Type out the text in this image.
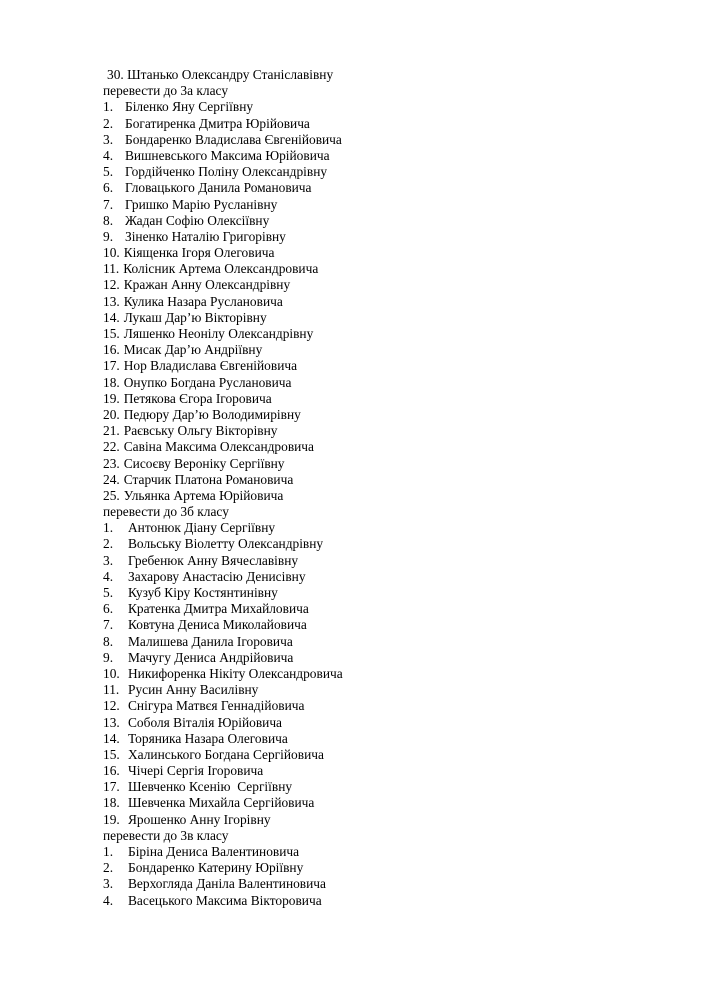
30. Штанько Олександру Станіславівну
перевести до 3а класу
1. Біленко Яну Сергіївну
2. Богатиренка Дмитра Юрійовича
3. Бондаренко Владислава Євгенійовича
4. Вишневського Максима Юрійовича
5. Гордійченко Поліну Олександрівну
6. Гловацького Данила Романовича
7. Гришко Марію Русланівну
8. Жадан Софію Олексіївну
9. Зіненко Наталію Григорівну
10. Кіященка Ігоря Олеговича
11. Колісник Артема Олександровича
12. Кражан Анну Олександрівну
13. Кулика Назара Руслановича
14. Лукаш Дар’ю Вікторівну
15. Ляшенко Неонілу Олександрівну
16. Мисак Дар’ю Андріївну
17. Нор Владислава Євгенійовича
18. Онупко Богдана Руслановича
19. Петякова Єгора Ігоровича
20. Педюру Дар’ю Володимирівну
21. Раєвську Ольгу Вікторівну
22. Савіна Максима Олександровича
23. Сисоєву Вероніку Сергіївну
24. Старчик Платона Романовича
25. Ульянка Артема Юрійовича
перевести до 3б класу
1. Антонюк Діану Сергіївну
2. Вольську Віолетту Олександрівну
3. Гребенюк Анну Вячеславівну
4. Захарову Анастасію Денисівну
5. Кузуб Кіру Костянтинівну
6. Кратенка Дмитра Михайловича
7. Ковтуна Дениса Миколайовича
8. Малишева Данила Ігоровича
9. Мачугу Дениса Андрійовича
10. Никифоренка Нікіту Олександровича
11. Русин Анну Василівну
12. Снігура Матвєя Геннадійовича
13. Соболя Віталія Юрійовича
14. Торяника Назара Олеговича
15. Халинського Богдана Сергійовича
16. Чічері Сергія Ігоровича
17. Шевченко Ксенію  Сергіївну
18. Шевченка Михайла Сергійовича
19. Ярошенко Анну Ігорівну
перевести до 3в класу
1. Біріна Дениса Валентиновича
2. Бондаренко Катерину Юріївну
3. Верхогляда Даніла Валентиновича
4. Васецького Максима Вікторовича
